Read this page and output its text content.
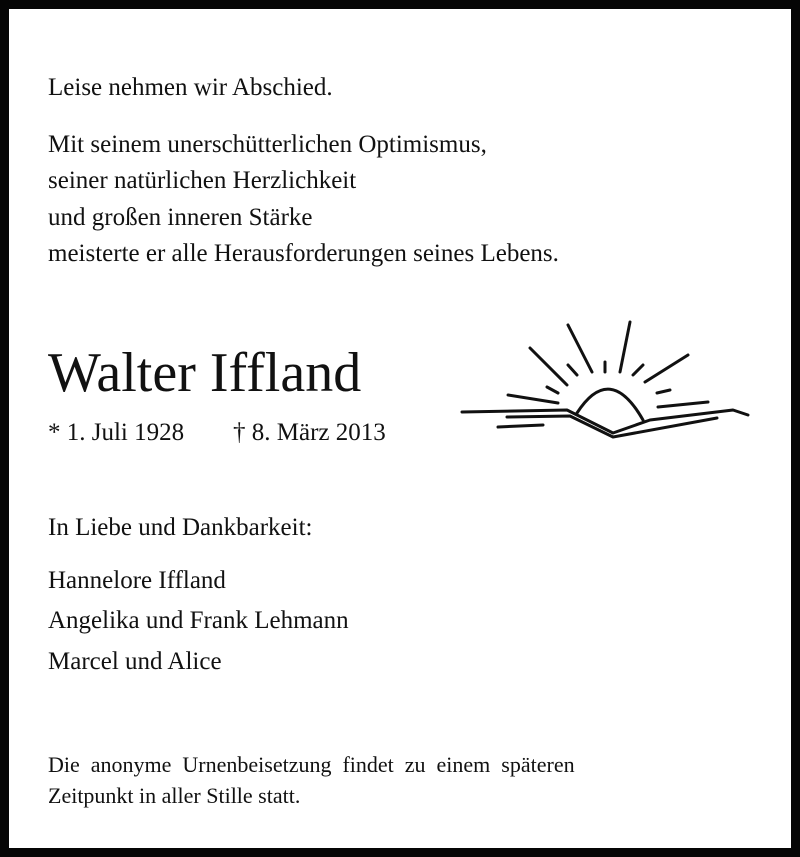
Leise nehmen wir Abschied.

Mit seinem unerschütterlichen Optimismus,

seiner natürlichen Herzlichkeit

und großen inneren Stärke

meisterte er alle Herausforderungen seines Lebens.

Walter Iffland

* 1. Juli 1928 † 8. März 2013

In Liebe und Dankbarkeit:

Hannelore Iffland

Angelika und Frank Lehmann

Marcel und Alice

Die  anonyme  Urnenbeisetzung  findet  zu  einem  späteren

Zeitpunkt in aller Stille statt.
